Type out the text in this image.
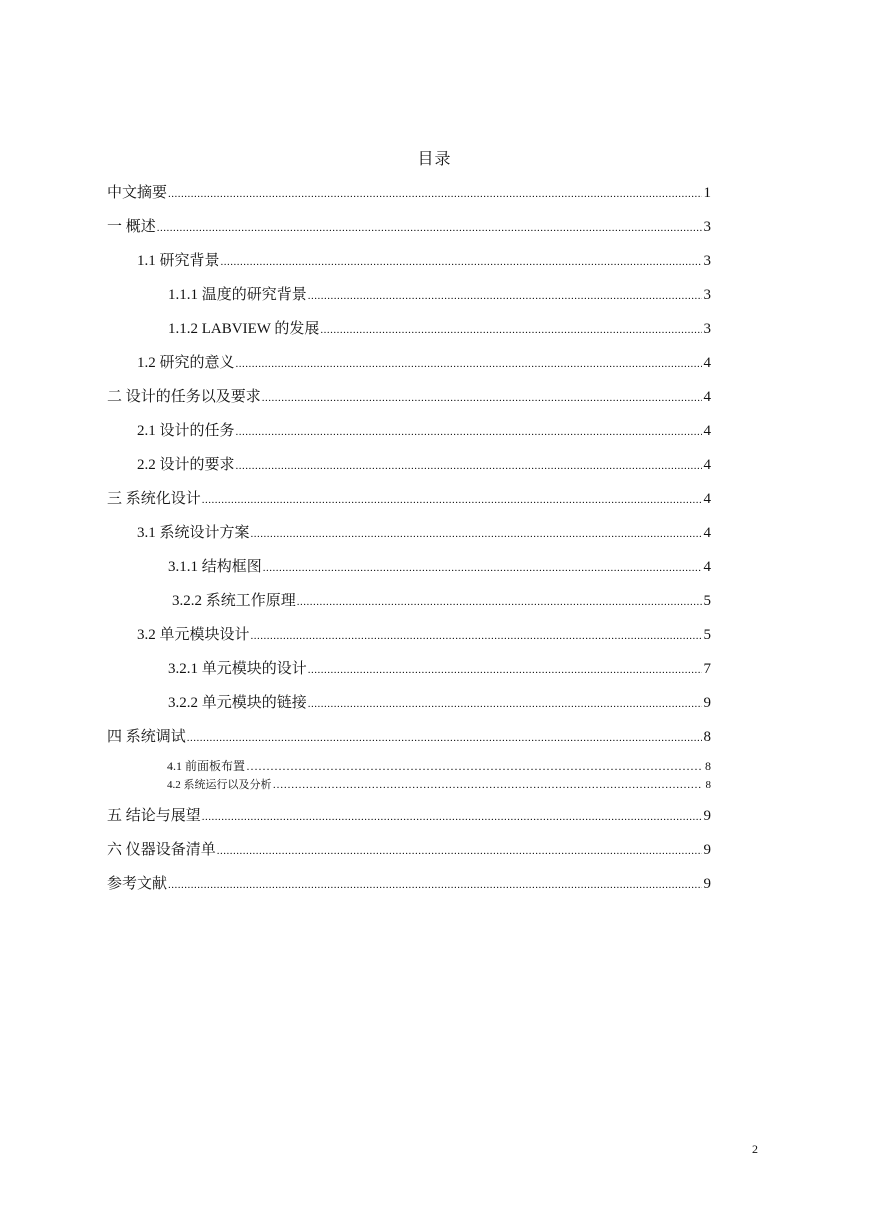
目录
中文摘要 .....	1
一 概述 .....	3
1.1 研究背景 .....	3
1.1.1 温度的研究背景 .....	3
1.1.2 LABVIEW 的发展 .....	3
1.2 研究的意义 .....	4
二 设计的任务以及要求 .....	4
2.1 设计的任务 .....	4
2.2 设计的要求 .....	4
三 系统化设计 .....	4
3.1 系统设计方案 .....	4
3.1.1 结构框图 .....	4
3.2.2 系统工作原理 .....	5
3.2 单元模块设计 .....	5
3.2.1 单元模块的设计 .....	7
3.2.2 单元模块的链接 .....	9
四 系统调试 .....	8
4.1 前面板布置 …………………………………………………………………………………………………………………………………………………………………………………………………	8
4.2 系统运行以及分析 …………………………………………………………………………………………………………………………………………………………………………………………………	8
五 结论与展望 .....	9
六 仪器设备清单 .....	9
参考文献 .....	9
2
